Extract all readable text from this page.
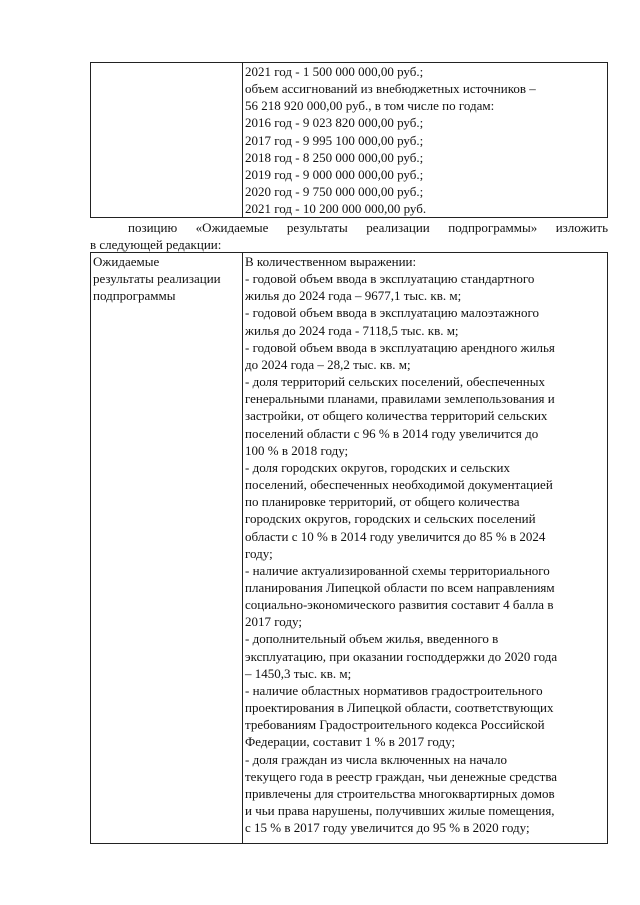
2021 год - 1 500 000 000,00 руб.;
объем ассигнований из внебюджетных источников –
56 218 920 000,00 руб., в том числе по годам:
2016 год - 9 023 820 000,00 руб.;
2017 год - 9 995 100 000,00 руб.;
2018 год - 8 250 000 000,00 руб.;
2019 год - 9 000 000 000,00 руб.;
2020 год - 9 750 000 000,00 руб.;
2021 год - 10 200 000 000,00 руб.
позицию «Ожидаемые результаты реализации подпрограммы» изложить
в следующей редакции:
Ожидаемые
результаты реализации
подпрограммы
В количественном выражении:
- годовой объем ввода в эксплуатацию стандартного
жилья до 2024 года – 9677,1 тыс. кв. м;
- годовой объем ввода в эксплуатацию малоэтажного
жилья до 2024 года - 7118,5 тыс. кв. м;
- годовой объем ввода в эксплуатацию арендного жилья
до 2024 года – 28,2 тыс. кв. м;
- доля территорий сельских поселений, обеспеченных
генеральными планами, правилами землепользования и
застройки, от общего количества территорий сельских
поселений области с 96 % в 2014 году увеличится до
100 % в 2018 году;
- доля городских округов, городских и сельских
поселений, обеспеченных необходимой документацией
по планировке территорий, от общего количества
городских округов, городских и сельских поселений
области с 10 % в 2014 году увеличится до 85 % в 2024
году;
- наличие актуализированной схемы территориального
планирования Липецкой области по всем направлениям
социально-экономического развития составит 4 балла в
2017 году;
- дополнительный объем жилья, введенного в
эксплуатацию, при оказании господдержки до 2020 года
– 1450,3 тыс. кв. м;
- наличие областных нормативов градостроительного
проектирования в Липецкой области, соответствующих
требованиям Градостроительного кодекса Российской
Федерации, составит 1 % в 2017 году;
- доля граждан из числа включенных на начало
текущего года в реестр граждан, чьи денежные средства
привлечены для строительства многоквартирных домов
и чьи права нарушены, получивших жилые помещения,
с 15 % в 2017 году увеличится до 95 % в 2020 году;
